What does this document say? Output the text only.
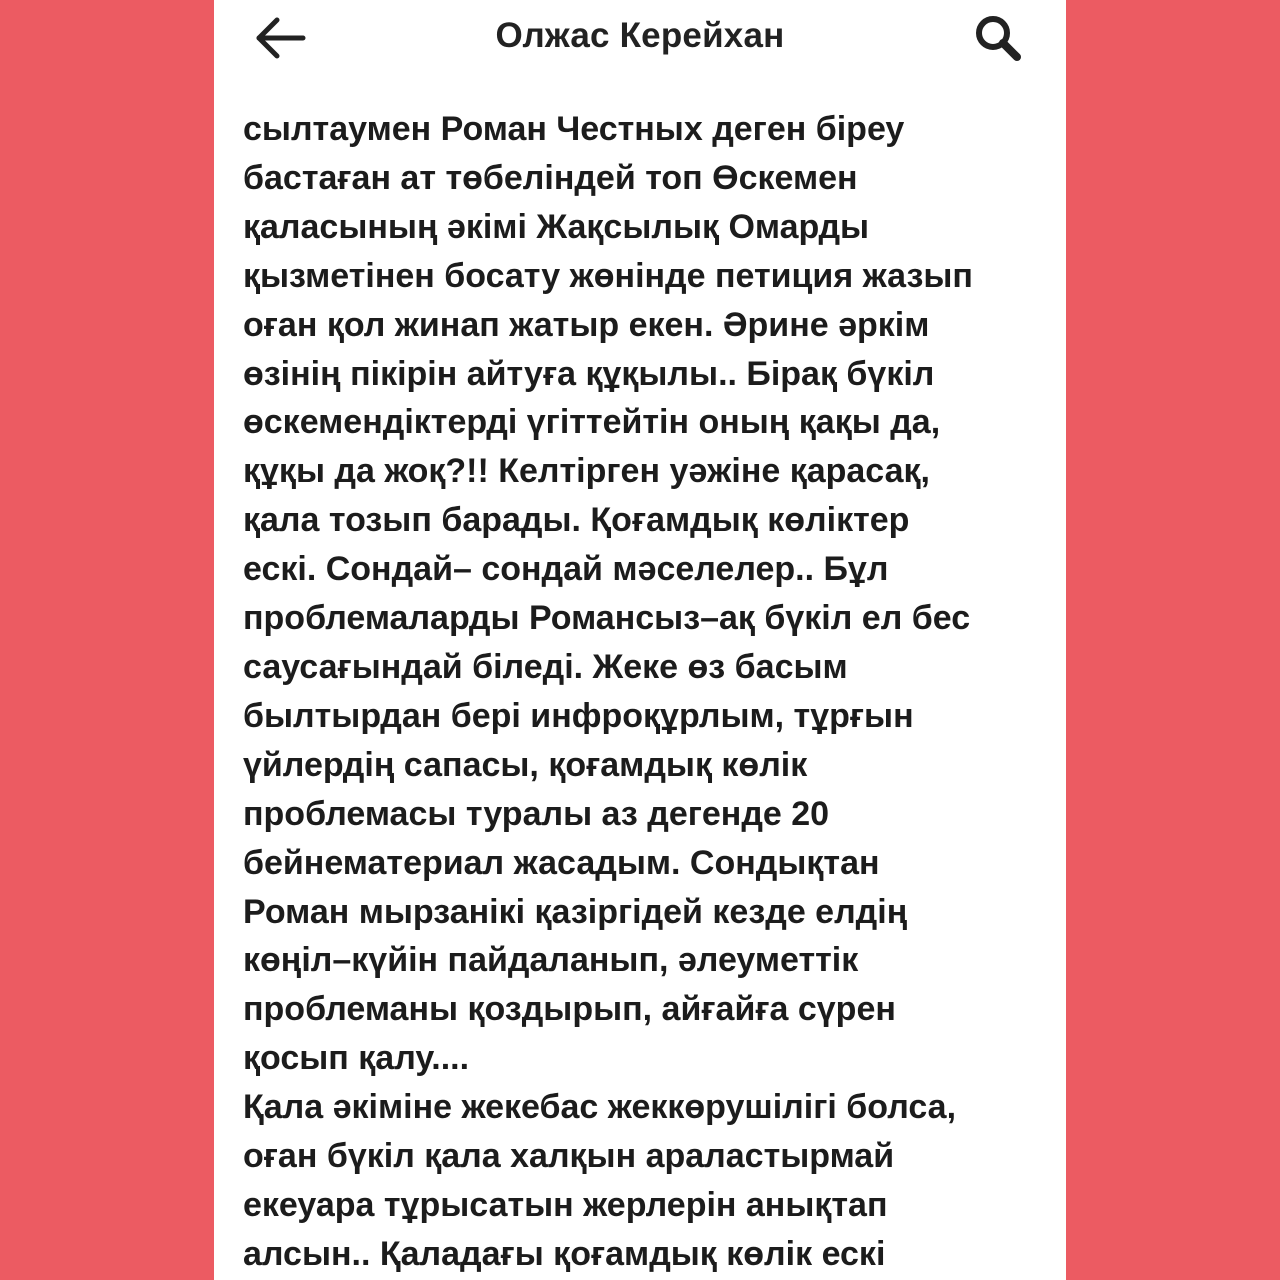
Олжас Керейхан
сылтаумен Роман Честных деген біреу
бастаған ат төбеліндей топ Өскемен
қаласының әкімі Жақсылық Омарды
қызметінен босату жөнінде петиция жазып
оған қол жинап жатыр екен. Әрине әркім
өзінің пікірін айтуға құқылы.. Бірақ бүкіл
өскемендіктерді үгіттейтін оның қақы да,
құқы да жоқ?!! Келтірген уәжіне қарасақ,
қала тозып барады. Қоғамдық көліктер
ескі. Сондай– сондай мәселелер.. Бұл
проблемаларды Романсыз–ақ бүкіл ел бес
саусағындай біледі. Жеке өз басым
былтырдан бері инфроқұрлым, тұрғын
үйлердің сапасы, қоғамдық көлік
проблемасы туралы аз дегенде 20
бейнематериал жасадым. Сондықтан
Роман мырзанікі қазіргідей кезде елдің
көңіл–күйін пайдаланып, әлеуметтік
проблеманы қоздырып, айғайға сүрен
қосып қалу....
Қала әкіміне жекебас жеккөрушілігі болса,
оған бүкіл қала халқын араластырмай
екеуара тұрысатын жерлерін анықтап
алсын.. Қаладағы қоғамдық көлік ескі
